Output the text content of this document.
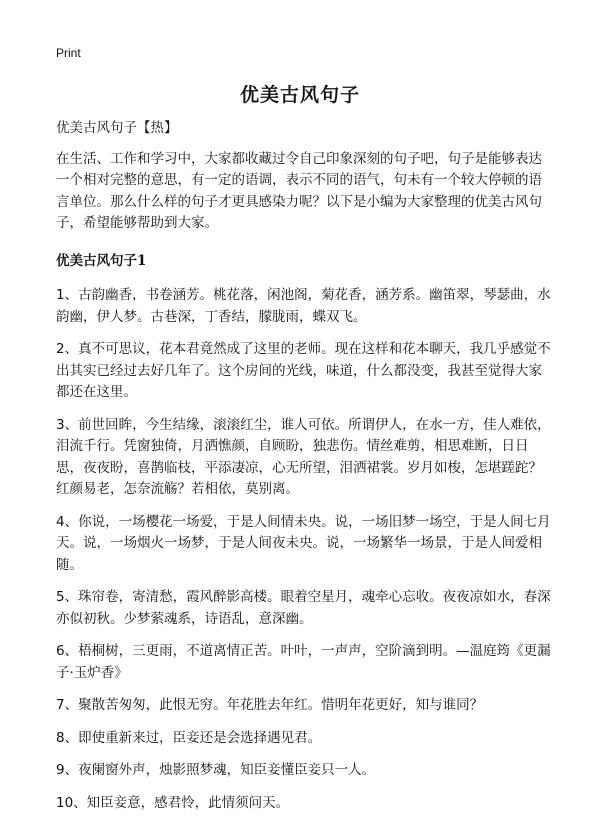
Print
优美古风句子

优美古风句子【热】

在生活、工作和学习中，大家都收藏过令自己印象深刻的句子吧，句子是能够表达一个相对完整的意思，有一定的语调，表示不同的语气，句未有一个较大停顿的语言单位。那么什么样的句子才更具感染力呢？以下是小编为大家整理的优美古风句子，希望能够帮助到大家。

优美古风句子1

1、古韵幽香，书卷涵芳。桃花落，闲池阁，菊花香，涵芳系。幽笛翠，琴瑟曲，水韵幽，伊人梦。古巷深，丁香结，朦胧雨，蝶双飞。

2、真不可思议，花本君竟然成了这里的老师。现在这样和花本聊天，我几乎感觉不出其实已经过去好几年了。这个房间的光线，味道，什么都没变，我甚至觉得大家都还在这里。

3、前世回眸，今生结缘，滚滚红尘，谁人可依。所谓伊人，在水一方，佳人难依，泪流千行。凭窗独倚，月洒憔颜，自顾盼，独悲伤。情丝难剪，相思难断，日日思，夜夜盼，喜鹊临枝，平添凄凉，心无所望，泪洒裙裳。岁月如梭，怎堪蹉跎？红颜易老，怎奈流觞？若相依，莫别离。

4、你说，一场樱花一场爱，于是人间情未央。说，一场旧梦一场空，于是人间七月天。说，一场烟火一场梦，于是人间夜未央。说，一场繁华一场景，于是人间爱相随。

5、珠帘卷，寄清愁，霞风醉影高楼。眼着空星月，魂牵心忘收。夜夜凉如水，春深亦似初秋。少梦萦魂系，诗语乱，意深幽。

6、梧桐树，三更雨，不道离情正苦。叶叶，一声声，空阶滴到明。—温庭筠《更漏子·玉炉香》

7、聚散苦匆匆，此恨无穷。年花胜去年红。惜明年花更好，知与谁同？

8、即使重新来过，臣妾还是会选择遇见君。

9、夜阑窗外声，烛影照梦魂，知臣妾懂臣妾只一人。

10、知臣妾意，感君怜，此情须问天。
